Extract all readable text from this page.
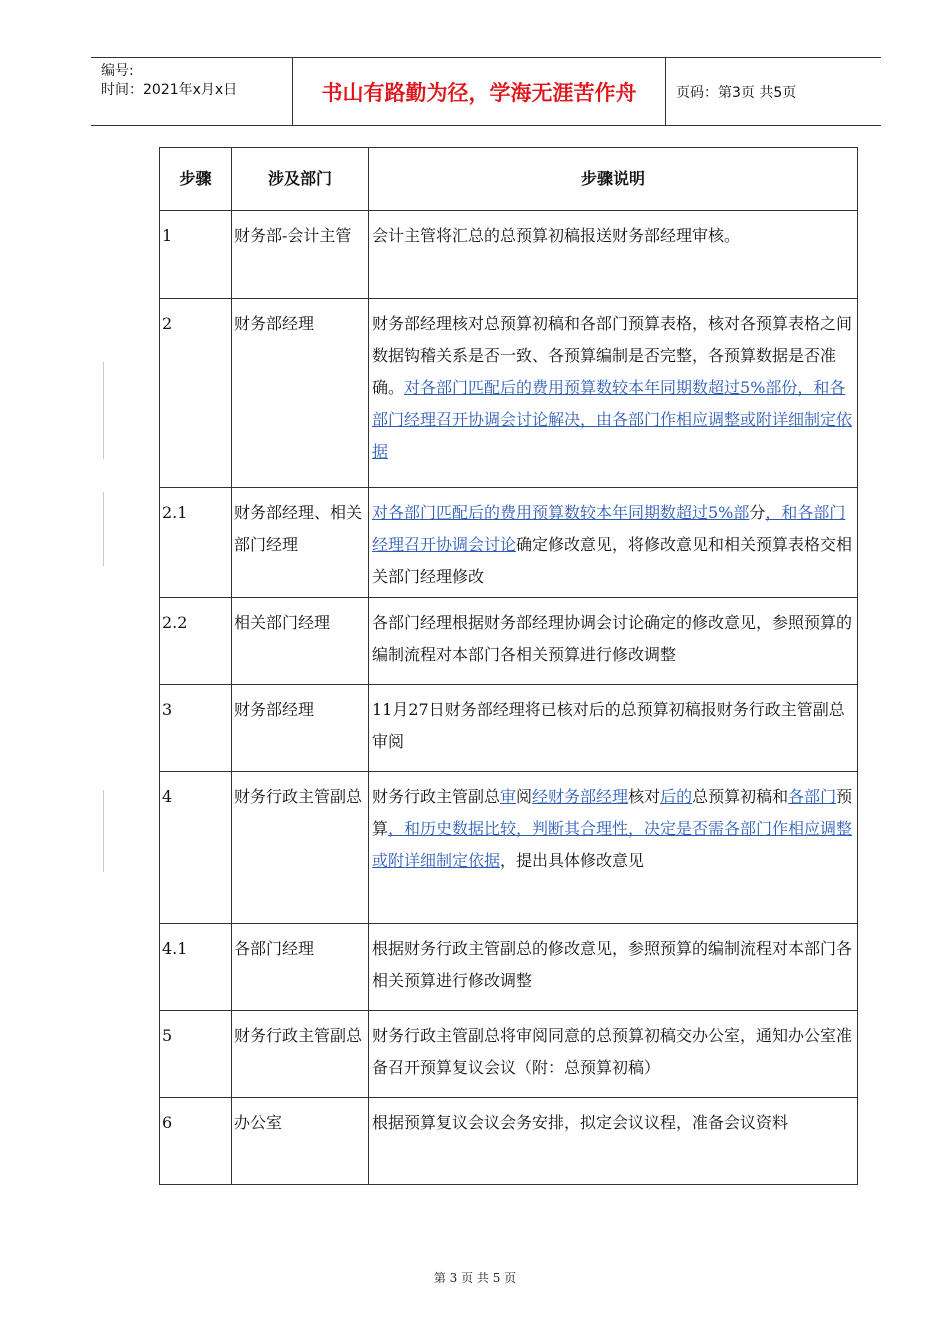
编号:
时间：2021年x月x日	书山有路勤为径，学海无涯苦作舟	页码：第3页 共5页
步骤	涉及部门	步骤说明
1	财务部-会计主管	会计主管将汇总的总预算初稿报送财务部经理审核。
2	财务部经理	财务部经理核对总预算初稿和各部门预算表格，核对各预算表格之间数据钩稽关系是否一致、各预算编制是否完整，各预算数据是否准确。对各部门匹配后的费用预算数较本年同期数超过5%部份，和各部门经理召开协调会讨论解决，由各部门作相应调整或附详细制定依据
2.1	财务部经理、相关部门经理	对各部门匹配后的费用预算数较本年同期数超过5%部分，和各部门经理召开协调会讨论确定修改意见，将修改意见和相关预算表格交相关部门经理修改
2.2	相关部门经理	各部门经理根据财务部经理协调会讨论确定的修改意见，参照预算的编制流程对本部门各相关预算进行修改调整
3	财务部经理	11月27日财务部经理将已核对后的总预算初稿报财务行政主管副总审阅
4	财务行政主管副总	财务行政主管副总审阅经财务部经理核对后的总预算初稿和各部门预算，和历史数据比较，判断其合理性，决定是否需各部门作相应调整或附详细制定依据，提出具体修改意见
4.1	各部门经理	根据财务行政主管副总的修改意见，参照预算的编制流程对本部门各相关预算进行修改调整
5	财务行政主管副总	财务行政主管副总将审阅同意的总预算初稿交办公室，通知办公室准备召开预算复议会议（附：总预算初稿）
6	办公室	根据预算复议会议会务安排，拟定会议议程，准备会议资料
第 3 页 共 5 页
